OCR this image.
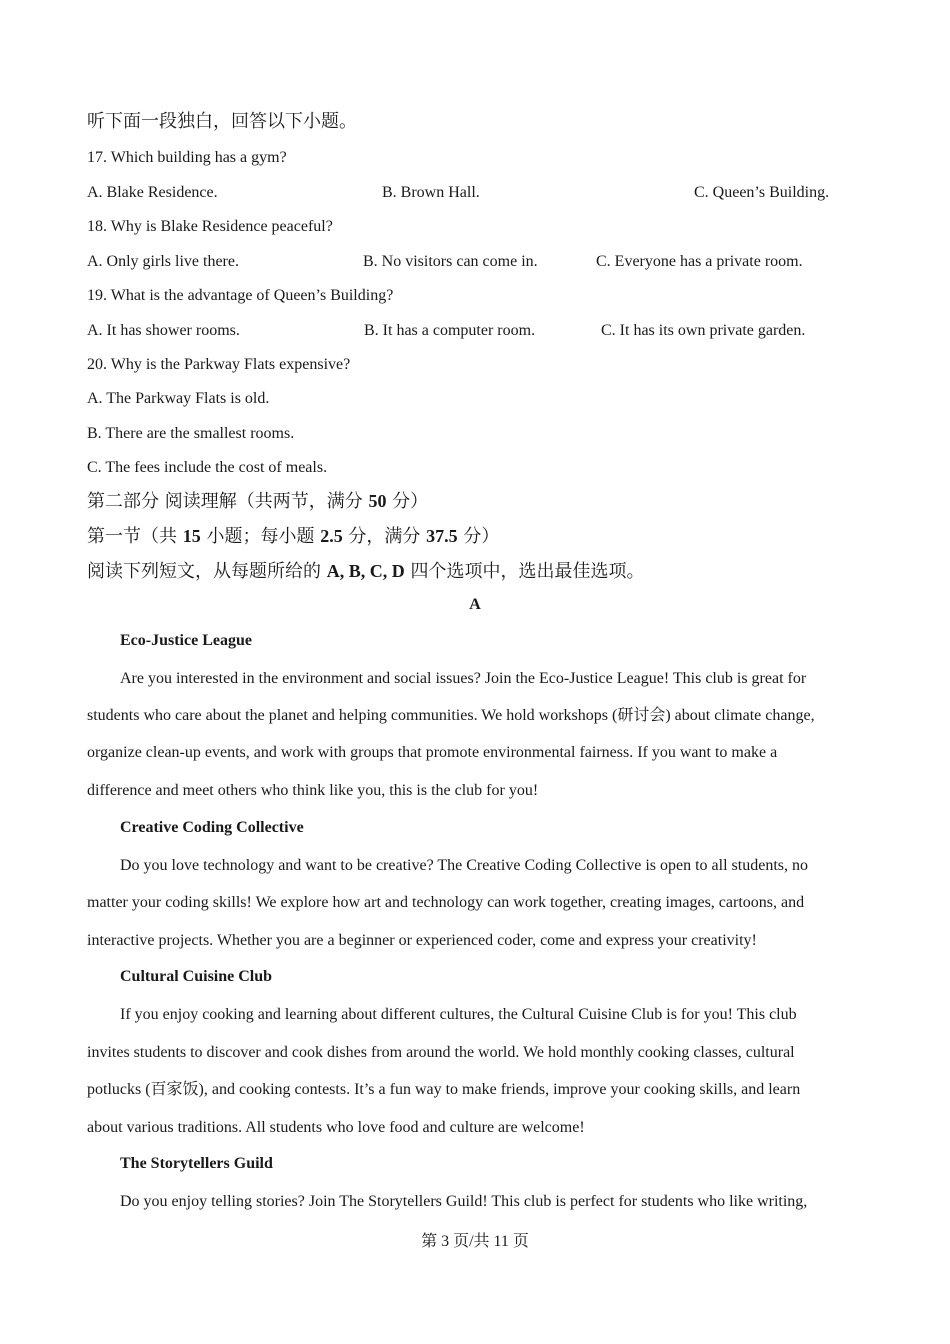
听下面一段独白，回答以下小题。
17. Which building has a gym?
A. Blake Residence.	B. Brown Hall.	C. Queen’s Building.
18. Why is Blake Residence peaceful?
A. Only girls live there.	B. No visitors can come in.	C. Everyone has a private room.
19. What is the advantage of Queen’s Building?
A. It has shower rooms.	B. It has a computer room.	C. It has its own private garden.
20. Why is the Parkway Flats expensive?
A. The Parkway Flats is old.
B. There are the smallest rooms.
C. The fees include the cost of meals.
第二部分 阅读理解（共两节，满分 50 分）
第一节（共 15 小题；每小题 2.5 分，满分 37.5 分）
阅读下列短文，从每题所给的 A, B, C, D 四个选项中，选出最佳选项。
A
Eco-Justice League
Are you interested in the environment and social issues? Join the Eco-Justice League! This club is great for
students who care about the planet and helping communities. We hold workshops (研讨会) about climate change,
organize clean-up events, and work with groups that promote environmental fairness. If you want to make a
difference and meet others who think like you, this is the club for you!
Creative Coding Collective
Do you love technology and want to be creative? The Creative Coding Collective is open to all students, no
matter your coding skills! We explore how art and technology can work together, creating images, cartoons, and
interactive projects. Whether you are a beginner or experienced coder, come and express your creativity!
Cultural Cuisine Club
If you enjoy cooking and learning about different cultures, the Cultural Cuisine Club is for you! This club
invites students to discover and cook dishes from around the world. We hold monthly cooking classes, cultural
potlucks (百家饭), and cooking contests. It’s a fun way to make friends, improve your cooking skills, and learn
about various traditions. All students who love food and culture are welcome!
The Storytellers Guild
Do you enjoy telling stories? Join The Storytellers Guild! This club is perfect for students who like writing,
第 3 页/共 11 页
